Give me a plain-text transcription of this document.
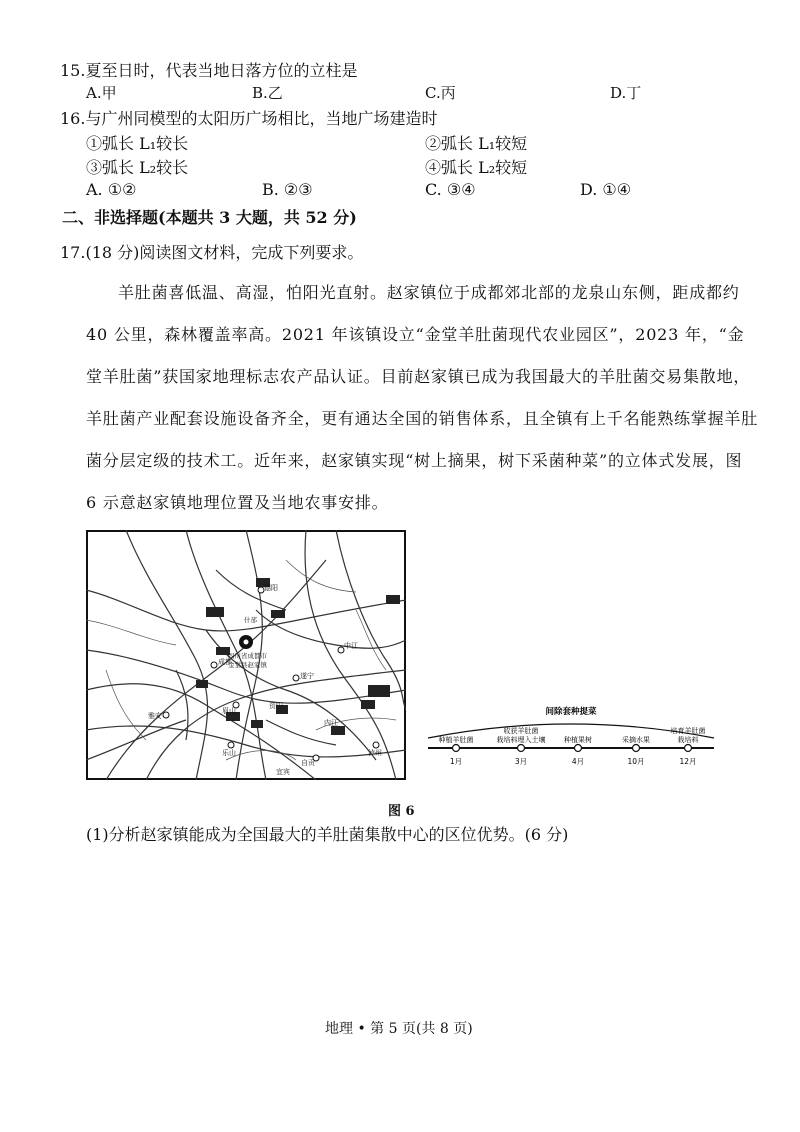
15.夏至日时，代表当地日落方位的立柱是
A.甲	B.乙	C.丙	D.丁
16.与广州同模型的太阳历广场相比，当地广场建造时
①弧长 L₁较长	②弧长 L₁较短
③弧长 L₂较长	④弧长 L₂较短
A. ①②	B. ②③	C. ③④	D. ①④
二、非选择题(本题共 3 大题，共 52 分)
17.(18 分)阅读图文材料，完成下列要求。

羊肚菌喜低温、高湿，怕阳光直射。赵家镇位于成都郊北部的龙泉山东侧，距成都约 40 公里，森林覆盖率高。2021 年该镇设立“金堂羊肚菌现代农业园区”，2023 年，“金堂羊肚菌”获国家地理标志农产品认证。目前赵家镇已成为我国最大的羊肚菌交易集散地，羊肚菌产业配套设施设备齐全，更有通达全国的销售体系，且全镇有上千名能熟练掌握羊肚菌分层定级的技术工。近年来，赵家镇实现“树上摘果，树下采菌种菜”的立体式发展，图 6 示意赵家镇地理位置及当地农事安排。

成都
四川省成都市
金堂县赵家镇
德阳
什邡
遂宁
眉山
乐山
资阳
内江
雅安
自贡
宜宾
泸州
中江
间除套种提菜
种植羊肚菌
1月
收获羊肚菌
栽培料埋入土壤
3月
种植果树
4月
采摘水果
10月
培育羊肚菌
栽培料
12月
图 6
(1)分析赵家镇能成为全国最大的羊肚菌集散中心的区位优势。(6 分)
地理 • 第 5 页(共 8 页)
